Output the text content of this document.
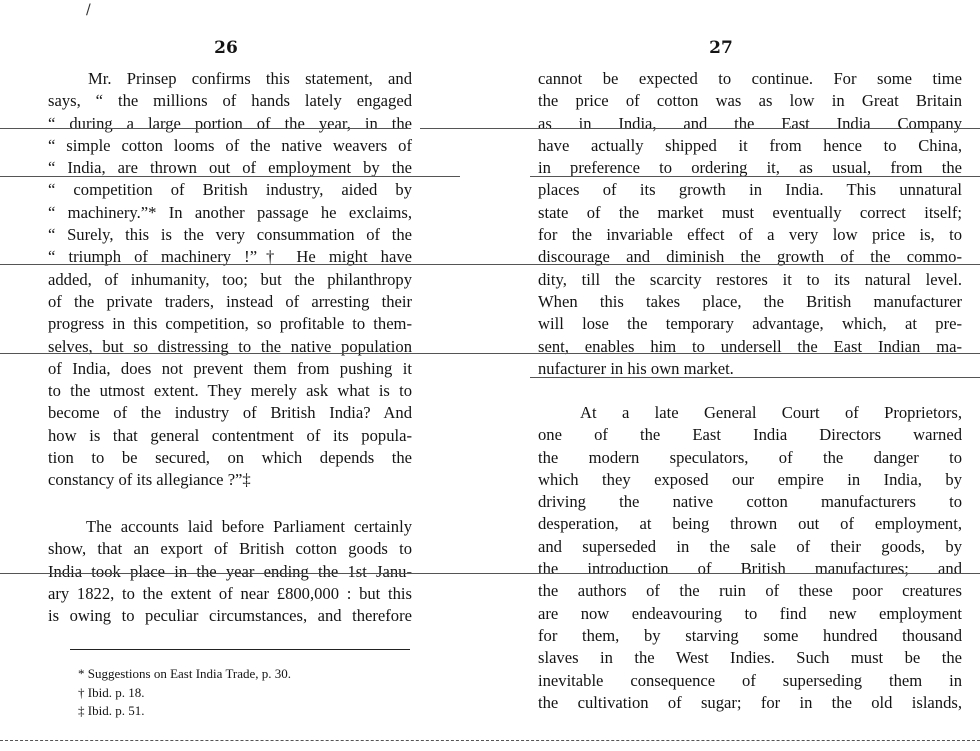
26
Mr. Prinsep confirms this statement, and
says, “ the millions of hands lately engaged
“ during a large portion of the year, in the
“ simple cotton looms of the native weavers of
“ India, are thrown out of employment by the
“ competition of British industry, aided by
“ machinery.”* In another passage he exclaims,
“ Surely, this is the very consummation of the
“ triumph of machinery !”† He might have
added, of inhumanity, too; but the philanthropy
of the private traders, instead of arresting their
progress in this competition, so profitable to them-
selves, but so distressing to the native population
of India, does not prevent them from pushing it
to the utmost extent. They merely ask what is to
become of the industry of British India? And
how is that general contentment of its popula-
tion to be secured, on which depends the
constancy of its allegiance ?”‡
The accounts laid before Parliament certainly
show, that an export of British cotton goods to
India took place in the year ending the 1st Janu-
ary 1822, to the extent of near £800,000 : but this
is owing to peculiar circumstances, and therefore
* Suggestions on East India Trade, p. 30.
† Ibid. p. 18.
‡ Ibid. p. 51.
27
cannot be expected to continue. For some time
the price of cotton was as low in Great Britain
as in India, and the East India Company
have actually shipped it from hence to China,
in preference to ordering it, as usual, from the
places of its growth in India. This unnatural
state of the market must eventually correct itself;
for the invariable effect of a very low price is, to
discourage and diminish the growth of the commo-
dity, till the scarcity restores it to its natural level.
When this takes place, the British manufacturer
will lose the temporary advantage, which, at pre-
sent, enables him to undersell the East Indian ma-
nufacturer in his own market.
At a late General Court of Proprietors,
one of the East India Directors warned
the modern speculators, of the danger to
which they exposed our empire in India, by
driving the native cotton manufacturers to
desperation, at being thrown out of employment,
and superseded in the sale of their goods, by
the introduction of British manufactures; and
the authors of the ruin of these poor creatures
are now endeavouring to find new employment
for them, by starving some hundred thousand
slaves in the West Indies. Such must be the
inevitable consequence of superseding them in
the cultivation of sugar; for in the old islands,
/
